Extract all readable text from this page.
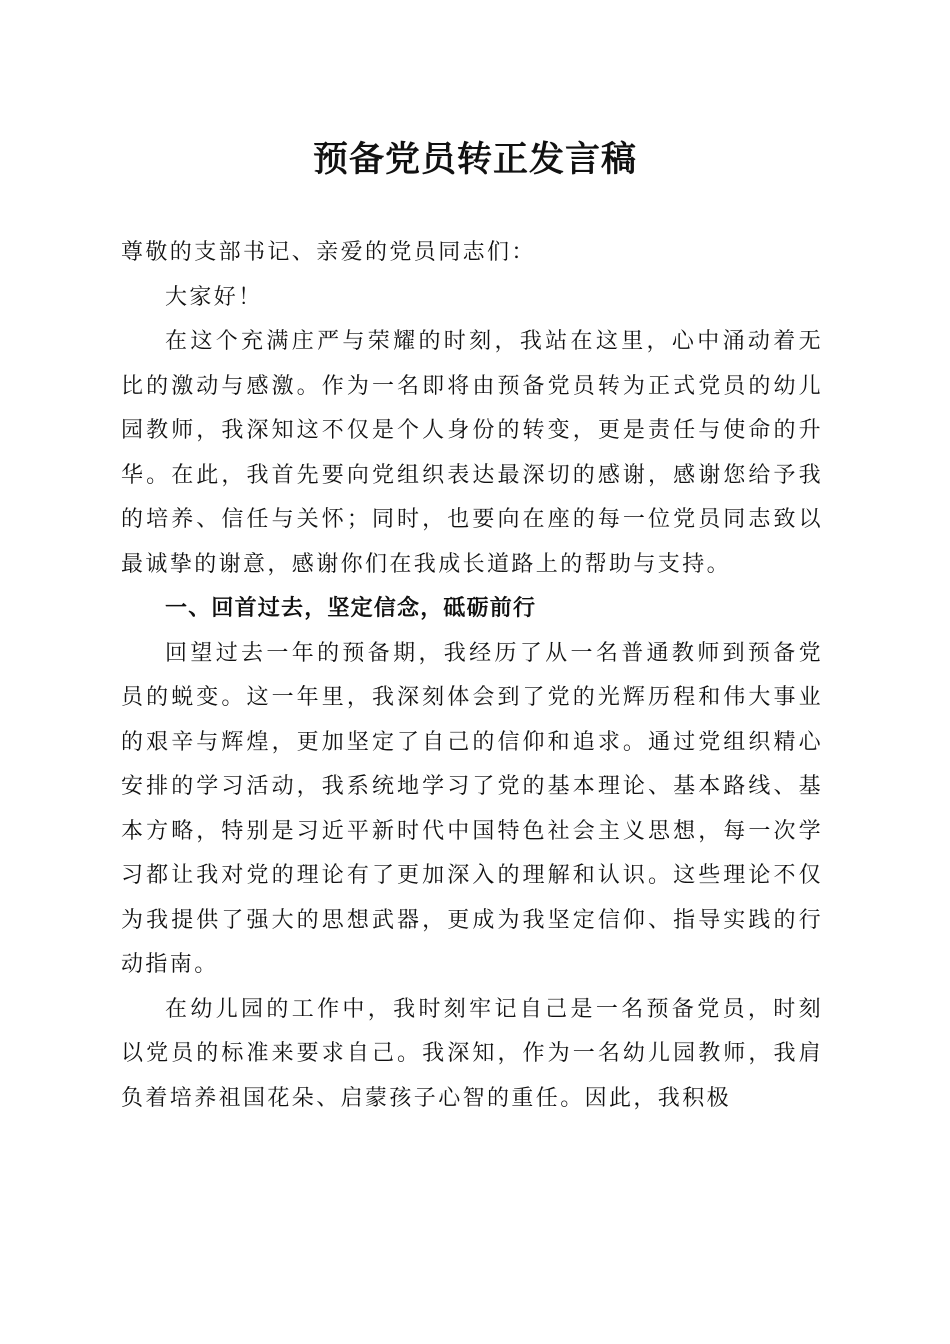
预备党员转正发言稿

尊敬的支部书记、亲爱的党员同志们：

大家好！

在这个充满庄严与荣耀的时刻，我站在这里，心中涌动着无比的激动与感激。作为一名即将由预备党员转为正式党员的幼儿园教师，我深知这不仅是个人身份的转变，更是责任与使命的升华。在此，我首先要向党组织表达最深切的感谢，感谢您给予我的培养、信任与关怀；同时，也要向在座的每一位党员同志致以最诚挚的谢意，感谢你们在我成长道路上的帮助与支持。

一、回首过去，坚定信念，砥砺前行

回望过去一年的预备期，我经历了从一名普通教师到预备党员的蜕变。这一年里，我深刻体会到了党的光辉历程和伟大事业的艰辛与辉煌，更加坚定了自己的信仰和追求。通过党组织精心安排的学习活动，我系统地学习了党的基本理论、基本路线、基本方略，特别是习近平新时代中国特色社会主义思想，每一次学习都让我对党的理论有了更加深入的理解和认识。这些理论不仅为我提供了强大的思想武器，更成为我坚定信仰、指导实践的行动指南。

在幼儿园的工作中，我时刻牢记自己是一名预备党员，时刻以党员的标准来要求自己。我深知，作为一名幼儿园教师，我肩负着培养祖国花朵、启蒙孩子心智的重任。因此，我积极
